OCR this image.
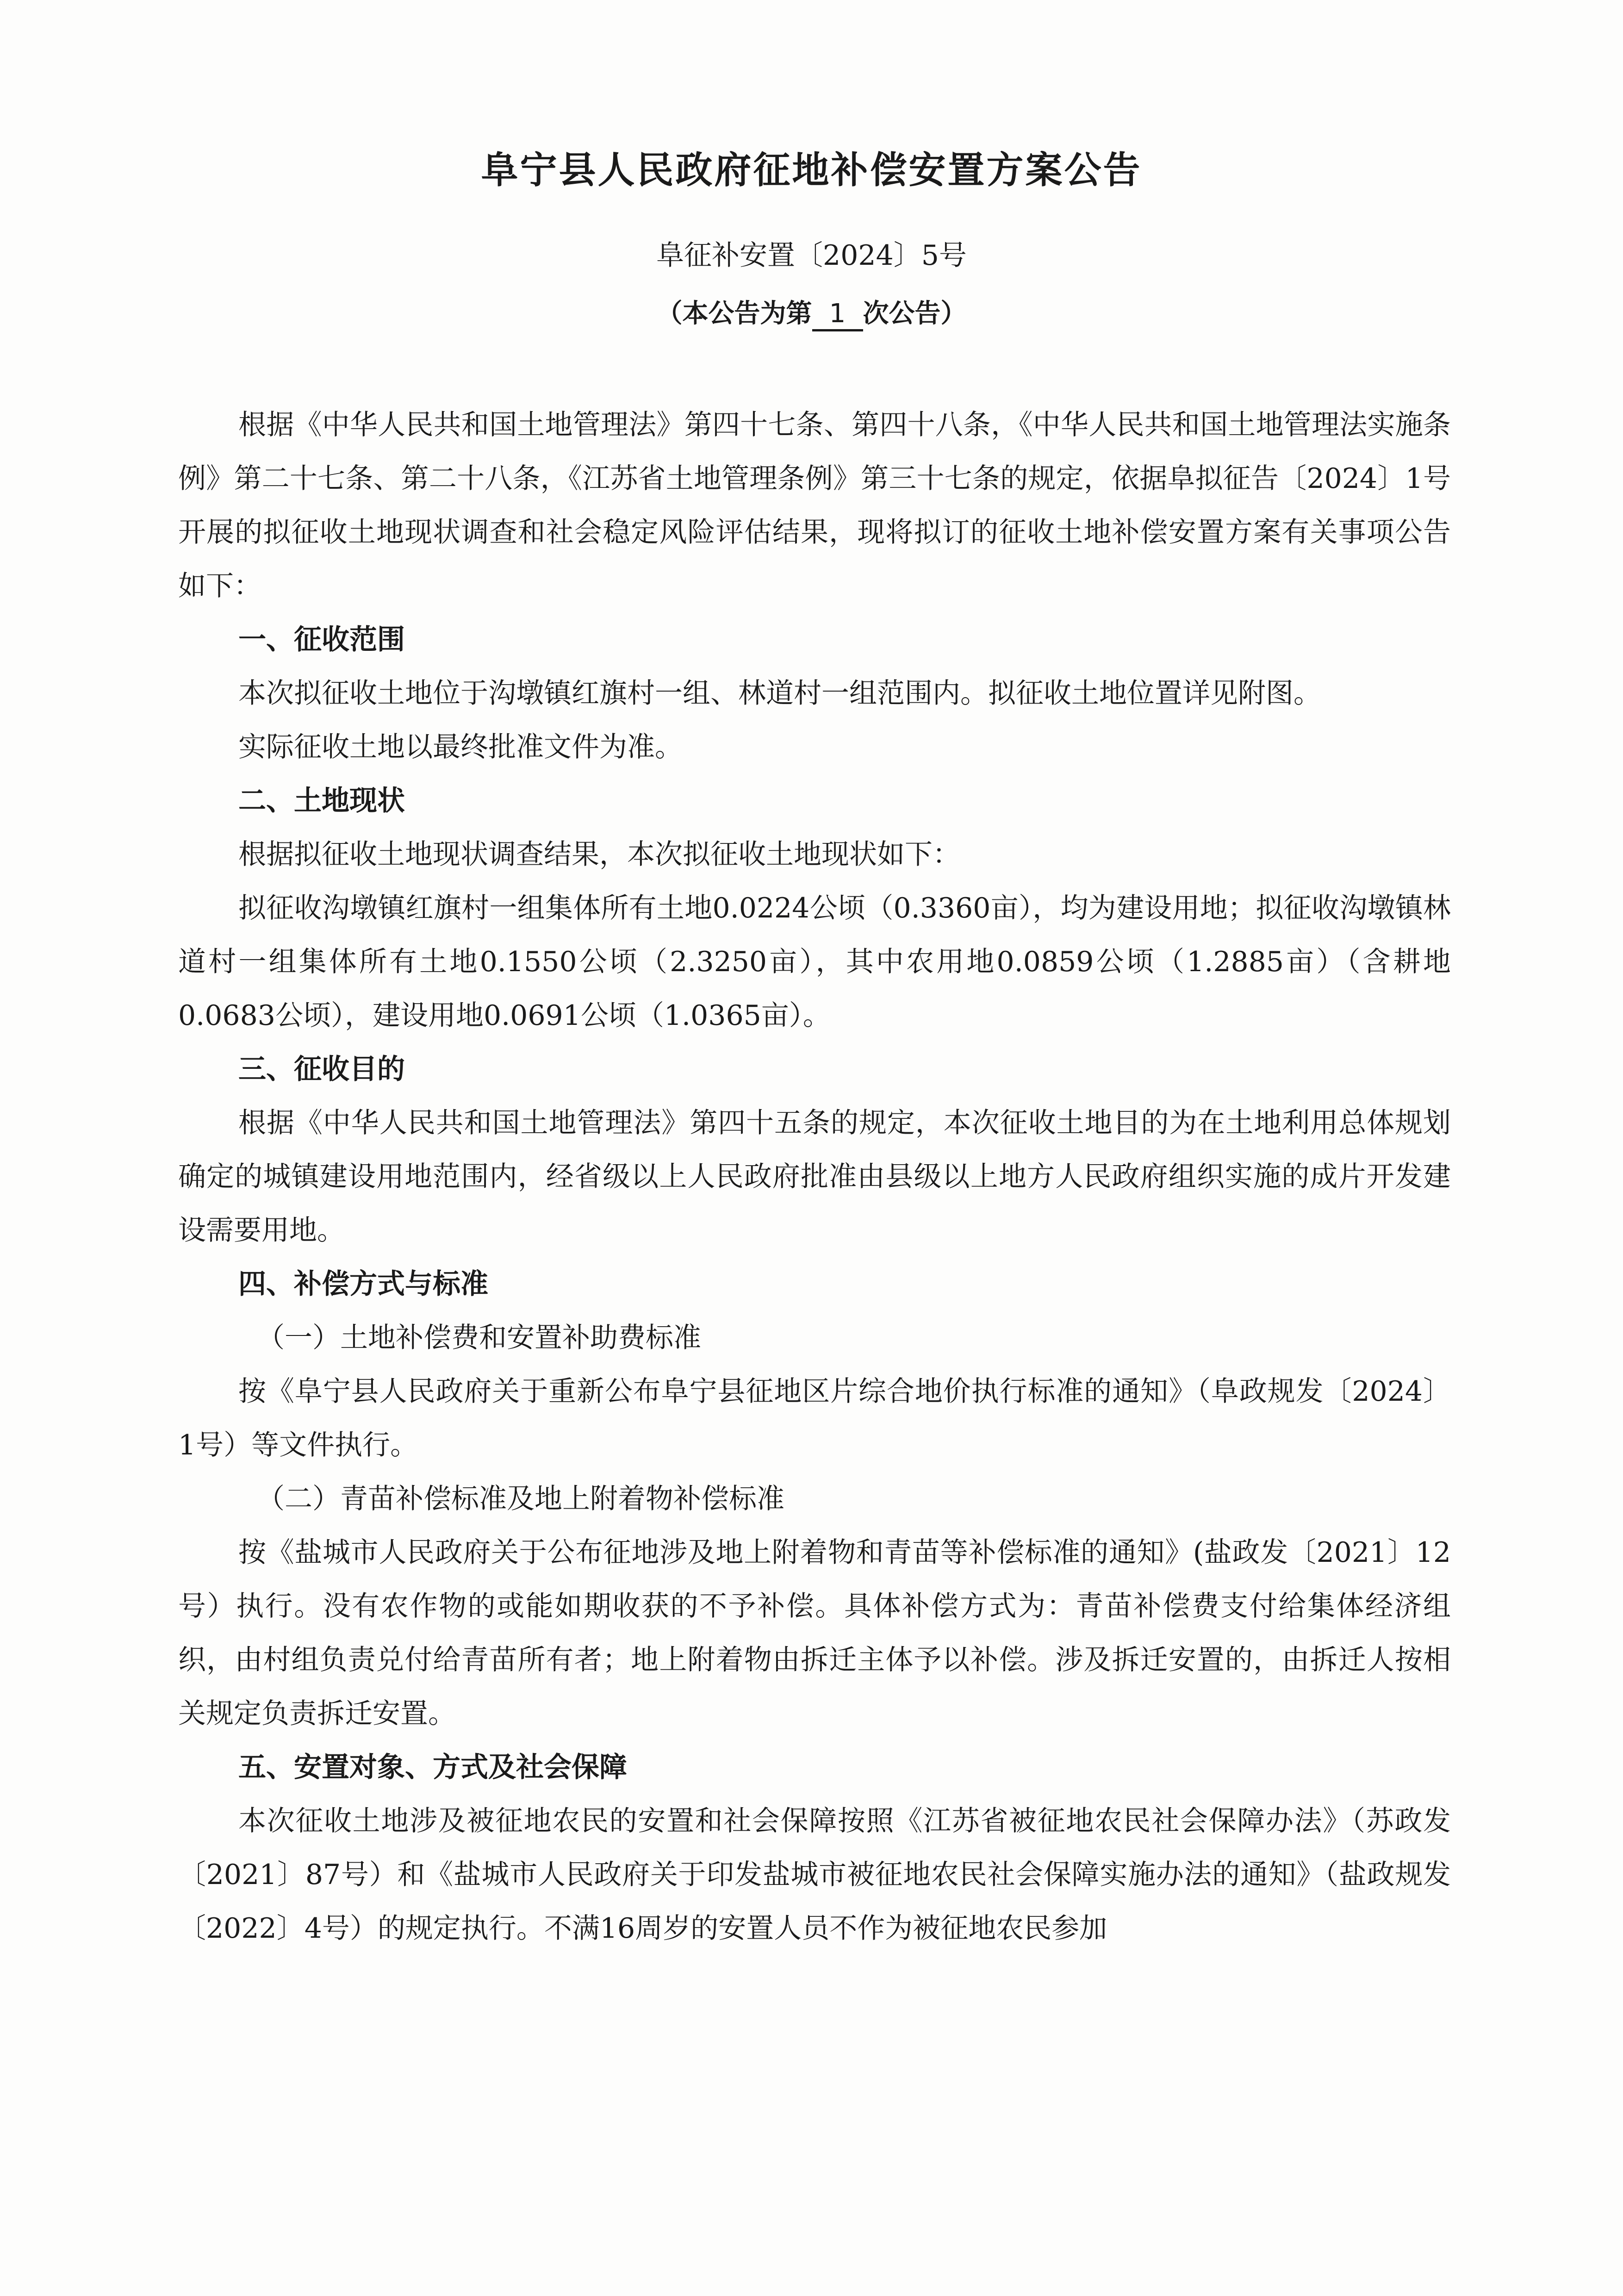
阜宁县人民政府征地补偿安置方案公告
阜征补安置〔2024〕5号
（本公告为第 1 次公告）

根据《中华人民共和国土地管理法》第四十七条、第四十八条，《中华人民共和国土地管理法实施条例》第二十七条、第二十八条，《江苏省土地管理条例》第三十七条的规定，依据阜拟征告〔2024〕1号开展的拟征收土地现状调查和社会稳定风险评估结果，现将拟订的征收土地补偿安置方案有关事项公告如下：

一、征收范围

本次拟征收土地位于沟墩镇红旗村一组、林道村一组范围内。拟征收土地位置详见附图。

实际征收土地以最终批准文件为准。

二、土地现状

根据拟征收土地现状调查结果，本次拟征收土地现状如下：

拟征收沟墩镇红旗村一组集体所有土地0.0224公顷（0.3360亩），均为建设用地；拟征收沟墩镇林道村一组集体所有土地0.1550公顷（2.3250亩），其中农用地0.0859公顷（1.2885亩）（含耕地0.0683公顷），建设用地0.0691公顷（1.0365亩）。

三、征收目的

根据《中华人民共和国土地管理法》第四十五条的规定，本次征收土地目的为在土地利用总体规划确定的城镇建设用地范围内，经省级以上人民政府批准由县级以上地方人民政府组织实施的成片开发建设需要用地。

四、补偿方式与标准

（一）土地补偿费和安置补助费标准

按《阜宁县人民政府关于重新公布阜宁县征地区片综合地价执行标准的通知》（阜政规发〔2024〕1号）等文件执行。

（二）青苗补偿标准及地上附着物补偿标准

按《盐城市人民政府关于公布征地涉及地上附着物和青苗等补偿标准的通知》(盐政发〔2021〕12号）执行。没有农作物的或能如期收获的不予补偿。具体补偿方式为：青苗补偿费支付给集体经济组织，由村组负责兑付给青苗所有者；地上附着物由拆迁主体予以补偿。涉及拆迁安置的，由拆迁人按相关规定负责拆迁安置。

五、安置对象、方式及社会保障

本次征收土地涉及被征地农民的安置和社会保障按照《江苏省被征地农民社会保障办法》（苏政发〔2021〕87号）和《盐城市人民政府关于印发盐城市被征地农民社会保障实施办法的通知》（盐政规发〔2022〕4号）的规定执行。不满16周岁的安置人员不作为被征地农民参加
